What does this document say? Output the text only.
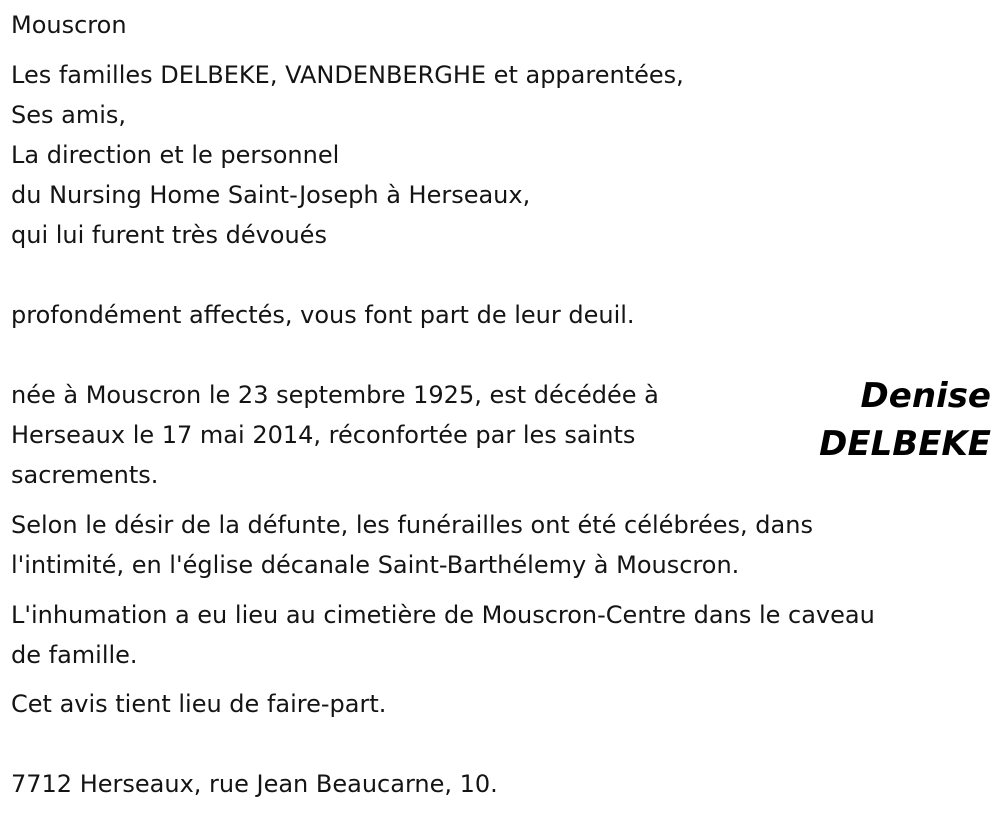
Mouscron
Les familles DELBEKE, VANDENBERGHE et apparentées,
Ses amis,
La direction et le personnel
du Nursing Home Saint-Joseph à Herseaux,
qui lui furent très dévoués
profondément affectés, vous font part de leur deuil.
née à Mouscron le 23 septembre 1925, est décédée à
Herseaux le 17 mai 2014, réconfortée par les saints
sacrements.
Denise
DELBEKE
Selon le désir de la défunte, les funérailles ont été célébrées, dans
l'intimité, en l'église décanale Saint-Barthélemy à Mouscron.
L'inhumation a eu lieu au cimetière de Mouscron-Centre dans le caveau
de famille.
Cet avis tient lieu de faire-part.
7712 Herseaux, rue Jean Beaucarne, 10.
